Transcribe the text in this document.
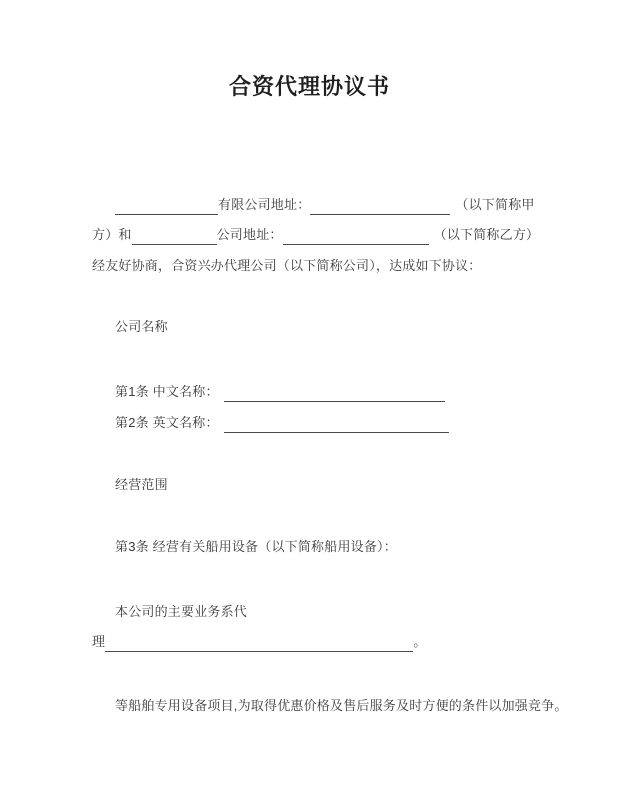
合资代理协议书
有限公司地址：	（以下简称甲
方）和	公司地址：	（以下简称乙方）
经友好协商，合资兴办代理公司（以下简称公司），达成如下协议：
公司名称
第1条 中文名称：
第2条 英文名称：
经营范围
第3条 经营有关船用设备（以下简称船用设备）：
本公司的主要业务系代
理	。
等船舶专用设备项目,为取得优惠价格及售后服务及时方便的条件以加强竞争。
